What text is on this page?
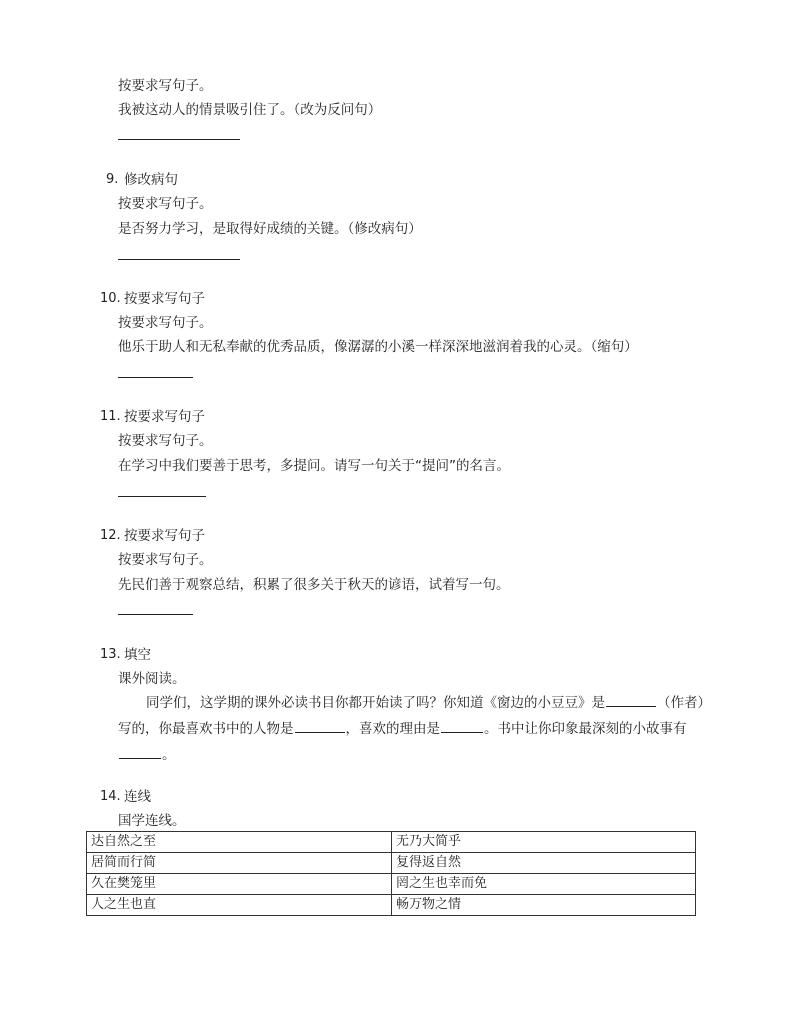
按要求写句子。
我被这动人的情景吸引住了。（改为反问句）
9. 修改病句
按要求写句子。
是否努力学习，是取得好成绩的关键。（修改病句）
10. 按要求写句子
按要求写句子。
他乐于助人和无私奉献的优秀品质，像潺潺的小溪一样深深地滋润着我的心灵。（缩句）
11. 按要求写句子
按要求写句子。
在学习中我们要善于思考，多提问。请写一句关于“提问”的名言。
12. 按要求写句子
按要求写句子。
先民们善于观察总结，积累了很多关于秋天的谚语，试着写一句。
13. 填空
课外阅读。
同学们，这学期的课外必读书目你都开始读了吗？你知道《窗边的小豆豆》是	（作者）写的，你最喜欢书中的人物是	，喜欢的理由是	。书中让你印象最深刻的小故事有。
14. 连线
国学连线。
达自然之至	无乃大简乎
居简而行简	复得返自然
久在樊笼里	罔之生也幸而免
人之生也直	畅万物之情
